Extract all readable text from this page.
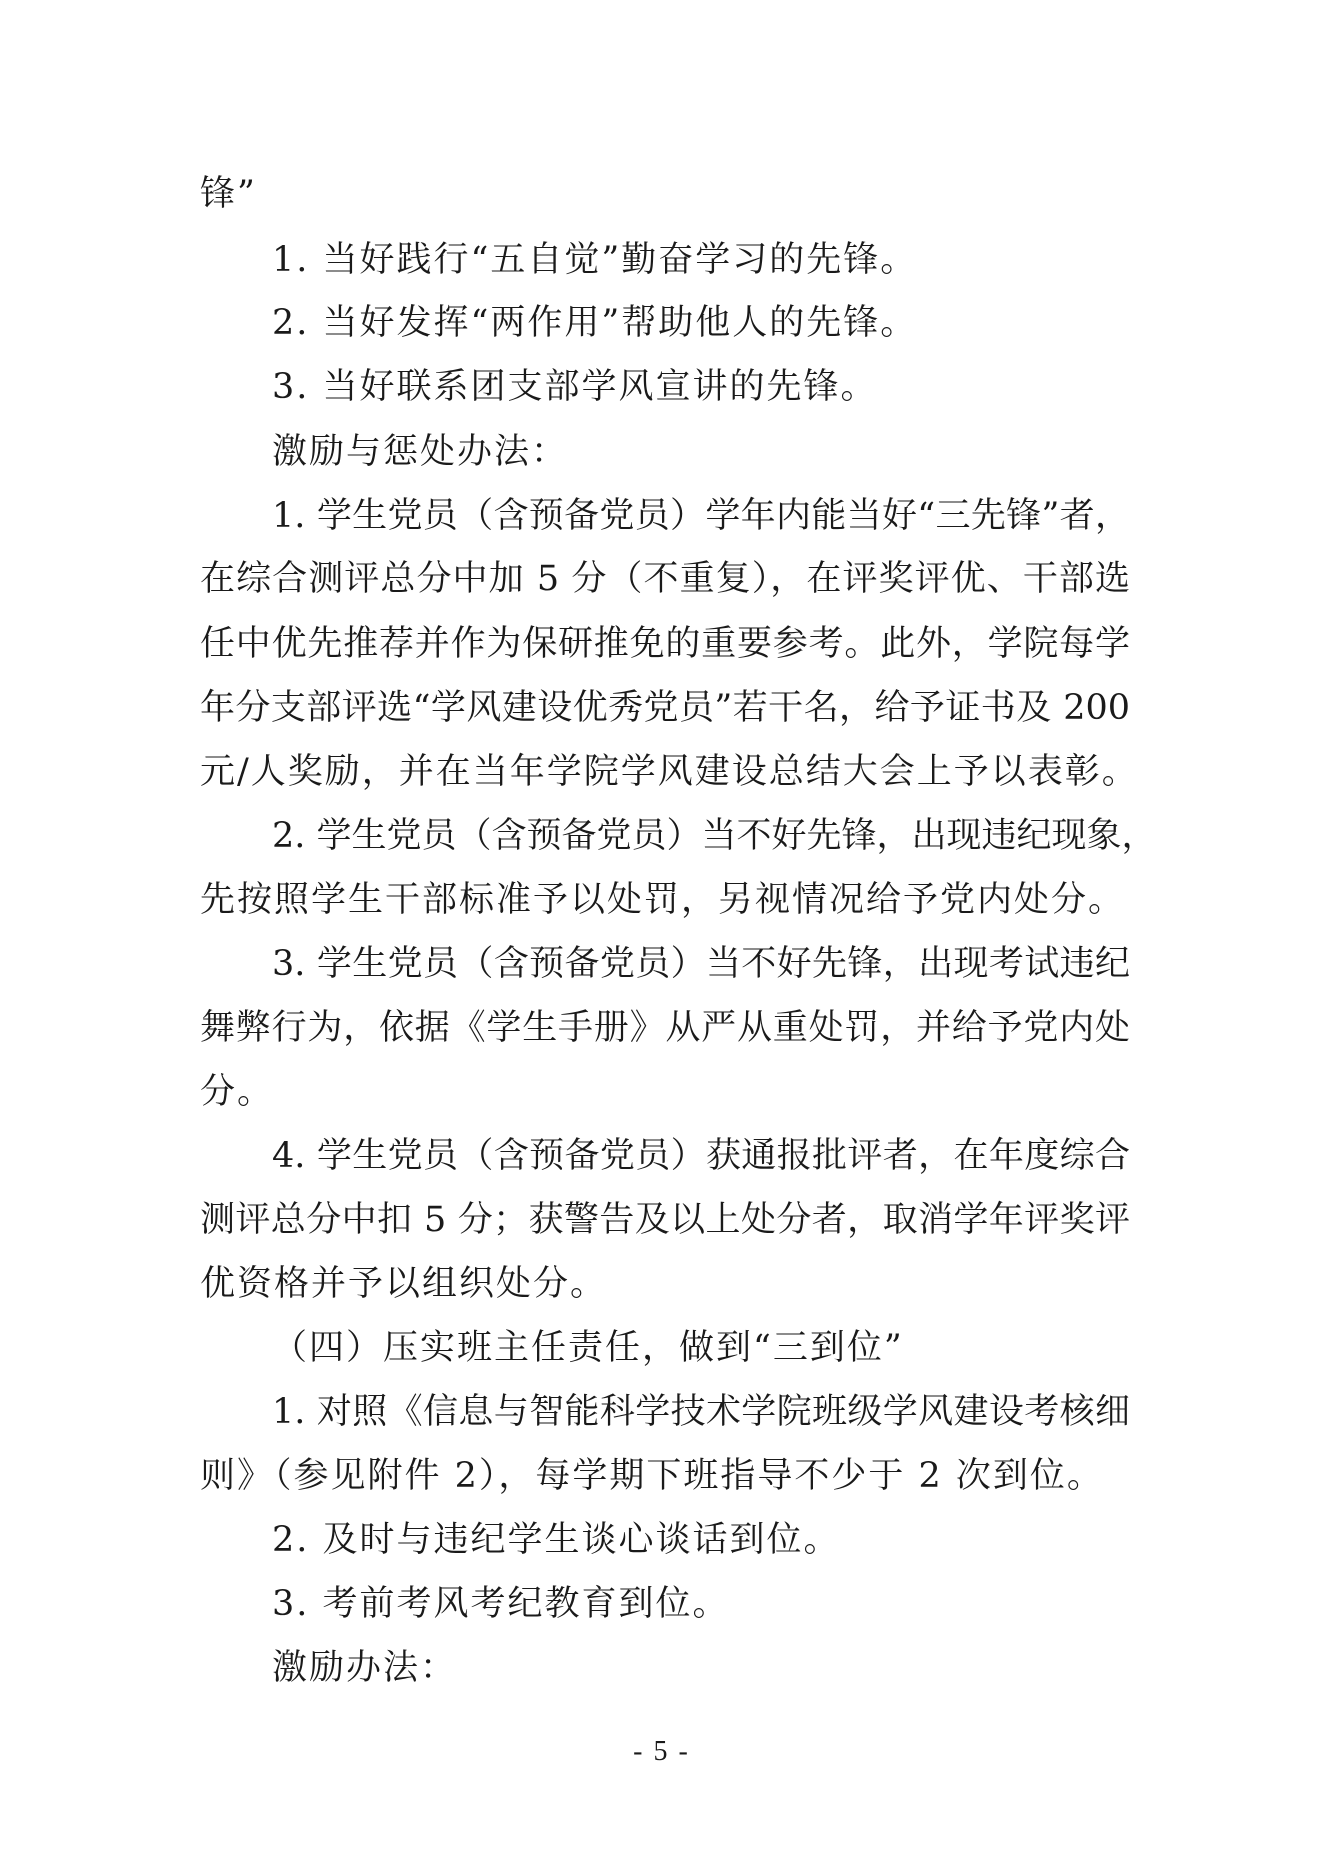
锋”
1. 当好践行“五自觉”勤奋学习的先锋。
2. 当好发挥“两作用”帮助他人的先锋。
3. 当好联系团支部学风宣讲的先锋。
激励与惩处办法：
1. 学生党员（含预备党员）学年内能当好“三先锋”者，
在综合测评总分中加 5 分（不重复），在评奖评优、干部选
任中优先推荐并作为保研推免的重要参考。此外，学院每学
年分支部评选“学风建设优秀党员”若干名，给予证书及 200
元/人奖励，并在当年学院学风建设总结大会上予以表彰。
2. 学生党员（含预备党员）当不好先锋，出现违纪现象，
先按照学生干部标准予以处罚，另视情况给予党内处分。
3. 学生党员（含预备党员）当不好先锋，出现考试违纪
舞弊行为，依据《学生手册》从严从重处罚，并给予党内处
分。
4. 学生党员（含预备党员）获通报批评者，在年度综合
测评总分中扣 5 分；获警告及以上处分者，取消学年评奖评
优资格并予以组织处分。
（四）压实班主任责任，做到“三到位”
1. 对照《信息与智能科学技术学院班级学风建设考核细
则》（参见附件 2），每学期下班指导不少于 2 次到位。
2. 及时与违纪学生谈心谈话到位。
3. 考前考风考纪教育到位。
激励办法：
- 5 -
